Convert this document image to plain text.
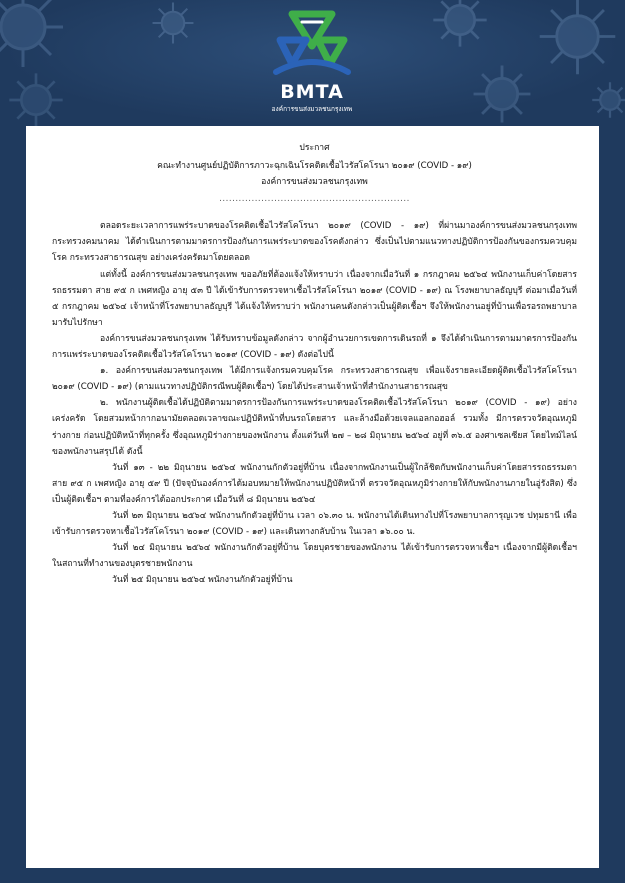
BMTA
องค์การขนส่งมวลชนกรุงเทพ
ประกาศ
คณะทำงานศูนย์ปฏิบัติการภาวะฉุกเฉินโรคติดเชื้อไวรัสโคโรนา ๒๐๑๙ (COVID - ๑๙)
องค์การขนส่งมวลชนกรุงเทพ
...........................................................

ตลอดระยะเวลาการแพร่ระบาดของโรคติดเชื้อไวรัสโคโรนา ๒๐๑๙ (COVID - ๑๙) ที่ผ่านมาองค์การขนส่งมวลชนกรุงเทพ กระทรวงคมนาคม ได้ดำเนินการตามมาตรการป้องกันการแพร่ระบาดของโรคดังกล่าว ซึ่งเป็นไปตามแนวทางปฏิบัติการป้องกันของกรมควบคุมโรค กระทรวงสาธารณสุข อย่างเคร่งครัดมาโดยตลอด

แต่ทั้งนี้ องค์การขนส่งมวลชนกรุงเทพ ขออภัยที่ต้องแจ้งให้ทราบว่า เนื่องจากเมื่อวันที่ ๑ กรกฎาคม ๒๕๖๔ พนักงานเก็บค่าโดยสารรถธรรมดา สาย ๙๕ ก เพศหญิง อายุ ๕๓ ปี ได้เข้ารับการตรวจหาเชื้อไวรัสโคโรนา ๒๐๑๙ (COVID - ๑๙) ณ โรงพยาบาลธัญบุรี ต่อมาเมื่อวันที่ ๕ กรกฎาคม ๒๕๖๔ เจ้าหน้าที่โรงพยาบาลธัญบุรี ได้แจ้งให้ทราบว่า พนักงานคนดังกล่าวเป็นผู้ติดเชื้อฯ จึงให้พนักงานอยู่ที่บ้านเพื่อรอรถพยาบาลมารับไปรักษา

องค์การขนส่งมวลชนกรุงเทพ ได้รับทราบข้อมูลดังกล่าว จากผู้อำนวยการเขตการเดินรถที่ ๑ จึงได้ดำเนินการตามมาตรการป้องกันการแพร่ระบาดของโรคติดเชื้อไวรัสโคโรนา ๒๐๑๙ (COVID - ๑๙) ดังต่อไปนี้

๑. องค์การขนส่งมวลชนกรุงเทพ ได้มีการแจ้งกรมควบคุมโรค กระทรวงสาธารณสุข เพื่อแจ้งรายละเอียดผู้ติดเชื้อไวรัสโคโรนา ๒๐๑๙ (COVID - ๑๙) (ตามแนวทางปฏิบัติกรณีพบผู้ติดเชื้อฯ) โดยได้ประสานเจ้าหน้าที่สำนักงานสาธารณสุข

๒. พนักงานผู้ติดเชื้อได้ปฏิบัติตามมาตรการป้องกันการแพร่ระบาดของโรคติดเชื้อไวรัสโคโรนา ๒๐๑๙ (COVID - ๑๙) อย่างเคร่งครัด โดยสวมหน้ากากอนามัยตลอดเวลาขณะปฏิบัติหน้าที่บนรถโดยสาร และล้างมือด้วยเจลแอลกอฮอล์ รวมทั้ง มีการตรวจวัดอุณหภูมิร่างกาย ก่อนปฏิบัติหน้าที่ทุกครั้ง ซึ่งอุณหภูมิร่างกายของพนักงาน ตั้งแต่วันที่ ๒๗ – ๒๘ มิถุนายน ๒๕๖๔ อยู่ที่ ๓๖.๕ องศาเซลเซียส โดยไทม์ไลน์ของพนักงานสรุปได้ ดังนี้

วันที่ ๑๓ - ๒๒ มิถุนายน ๒๕๖๔ พนักงานกักตัวอยู่ที่บ้าน เนื่องจากพนักงานเป็นผู้ใกล้ชิดกับพนักงานเก็บค่าโดยสารรถธรรมดา สาย ๙๕ ก เพศหญิง อายุ ๕๙ ปี (ปัจจุบันองค์การได้มอบหมายให้พนักงานปฏิบัติหน้าที่ ตรวจวัดอุณหภูมิร่างกายให้กับพนักงานภายในอู่รังสิต) ซึ่งเป็นผู้ติดเชื้อฯ ตามที่องค์การได้ออกประกาศ เมื่อวันที่ ๘ มิถุนายน ๒๕๖๔

วันที่ ๒๓ มิถุนายน ๒๕๖๔ พนักงานกักตัวอยู่ที่บ้าน เวลา ๐๖.๓๐ น. พนักงานได้เดินทางไปที่โรงพยาบาลการุญเวช ปทุมธานี เพื่อเข้ารับการตรวจหาเชื้อไวรัสโคโรนา ๒๐๑๙ (COVID - ๑๙) และเดินทางกลับบ้าน ในเวลา ๑๖.๐๐ น.

วันที่ ๒๔ มิถุนายน ๒๕๖๔ พนักงานกักตัวอยู่ที่บ้าน โดยบุตรชายของพนักงาน ได้เข้ารับการตรวจหาเชื้อฯ เนื่องจากมีผู้ติดเชื้อฯ ในสถานที่ทำงานของบุตรชายพนักงาน

วันที่ ๒๕ มิถุนายน ๒๕๖๔ พนักงานกักตัวอยู่ที่บ้าน
